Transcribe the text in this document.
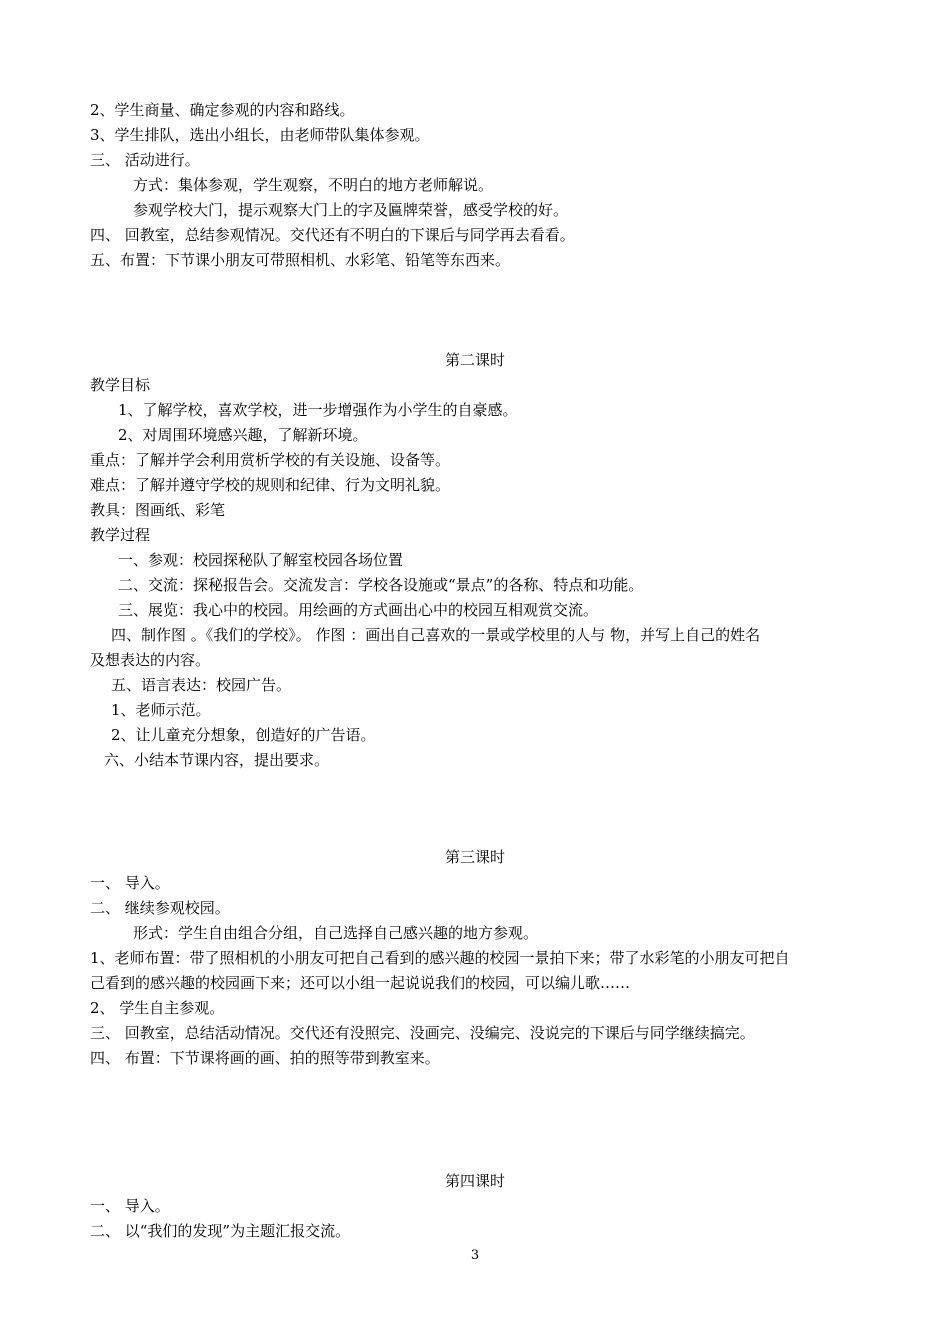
2、学生商量、确定参观的内容和路线。

3、学生排队，选出小组长，由老师带队集体参观。

三、 活动进行。

方式：集体参观，学生观察，不明白的地方老师解说。

参观学校大门，提示观察大门上的字及匾牌荣誉，感受学校的好。

四、 回教室，总结参观情况。交代还有不明白的下课后与同学再去看看。

五、布置：下节课小朋友可带照相机、水彩笔、铅笔等东西来。

第二课时

教学目标

1、了解学校，喜欢学校，进一步增强作为小学生的自豪感。

2、对周围环境感兴趣，了解新环境。

重点：了解并学会利用赏析学校的有关设施、设备等。

难点：了解并遵守学校的规则和纪律、行为文明礼貌。

教具：图画纸、彩笔

教学过程

一、参观：校园探秘队了解室校园各场位置

二、交流：探秘报告会。交流发言：学校各设施或“景点”的各称、特点和功能。

三、展览：我心中的校园。用绘画的方式画出心中的校园互相观赏交流。

四、制作图 。《我们的学校》。 作图 ：画出自己喜欢的一景或学校里的人与 物，并写上自己的姓名

及想表达的内容。

五、语言表达：校园广告。

1、老师示范。

2、让儿童充分想象，创造好的广告语。

六、小结本节课内容，提出要求。

第三课时

一、 导入。

二、 继续参观校园。

形式：学生自由组合分组，自己选择自己感兴趣的地方参观。

1、老师布置：带了照相机的小朋友可把自己看到的感兴趣的校园一景拍下来；带了水彩笔的小朋友可把自

己看到的感兴趣的校园画下来；还可以小组一起说说我们的校园，可以编儿歌……

2、 学生自主参观。

三、 回教室，总结活动情况。交代还有没照完、没画完、没编完、没说完的下课后与同学继续搞完。

四、 布置：下节课将画的画、拍的照等带到教室来。

第四课时

一、 导入。

二、 以“我们的发现”为主题汇报交流。

3
